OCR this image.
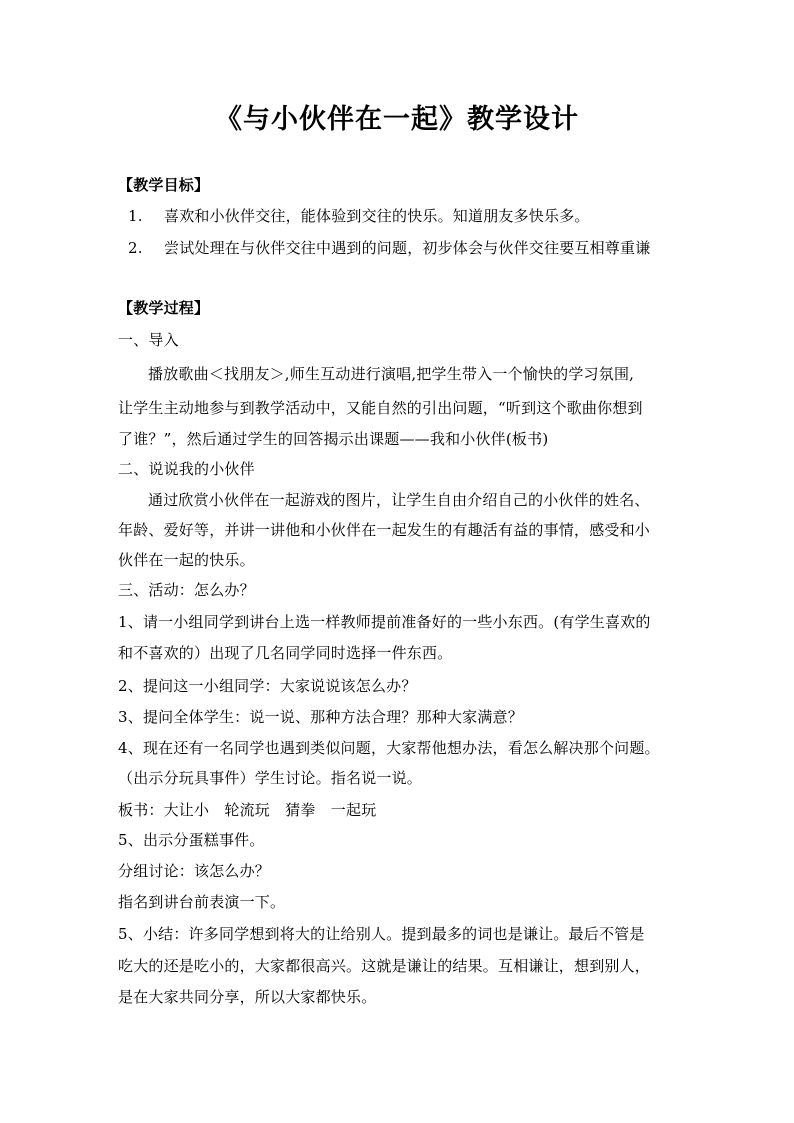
《与小伙伴在一起》教学设计
【教学目标】
1. 喜欢和小伙伴交往，能体验到交往的快乐。知道朋友多快乐多。
2. 尝试处理在与伙伴交往中遇到的问题，初步体会与伙伴交往要互相尊重谦
【教学过程】
一、导入
播放歌曲＜找朋友＞,师生互动进行演唱,把学生带入一个愉快的学习氛围,
让学生主动地参与到教学活动中，又能自然的引出问题，“听到这个歌曲你想到
了谁？”，然后通过学生的回答揭示出课题——我和小伙伴(板书)
二、说说我的小伙伴
通过欣赏小伙伴在一起游戏的图片，让学生自由介绍自己的小伙伴的姓名、
年龄、爱好等，并讲一讲他和小伙伴在一起发生的有趣活有益的事情，感受和小
伙伴在一起的快乐。
三、活动：怎么办？
1、请一小组同学到讲台上选一样教师提前准备好的一些小东西。(有学生喜欢的
和不喜欢的）出现了几名同学同时选择一件东西。
2、提问这一小组同学：大家说说该怎么办？
3、提问全体学生：说一说、那种方法合理？那种大家满意？
4、现在还有一名同学也遇到类似问题，大家帮他想办法，看怎么解决那个问题。
（出示分玩具事件）学生讨论。指名说一说。
板书：大让小　轮流玩　猜拳　一起玩
5、出示分蛋糕事件。
分组讨论：该怎么办？
指名到讲台前表演一下。
5、小结：许多同学想到将大的让给别人。提到最多的词也是谦让。最后不管是
吃大的还是吃小的，大家都很高兴。这就是谦让的结果。互相谦让，想到别人，
是在大家共同分享，所以大家都快乐。
